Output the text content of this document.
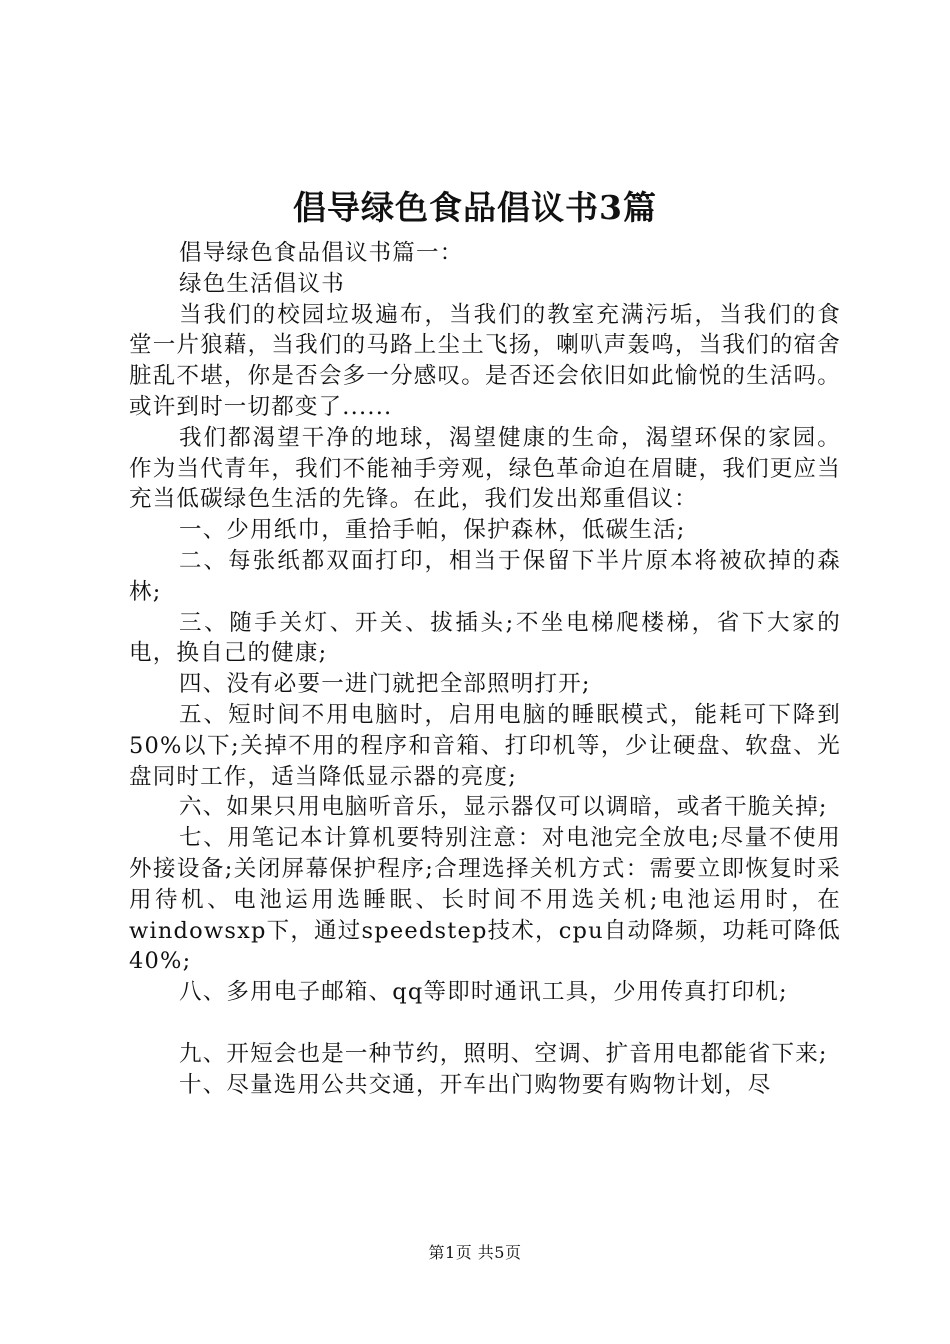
倡导绿色食品倡议书3篇

倡导绿色食品倡议书篇一：

绿色生活倡议书

当我们的校园垃圾遍布，当我们的教室充满污垢，当我们的食堂一片狼藉，当我们的马路上尘土飞扬，喇叭声轰鸣，当我们的宿舍脏乱不堪，你是否会多一分感叹。是否还会依旧如此愉悦的生活吗。或许到时一切都变了......

我们都渴望干净的地球，渴望健康的生命，渴望环保的家园。作为当代青年，我们不能袖手旁观，绿色革命迫在眉睫，我们更应当充当低碳绿色生活的先锋。在此，我们发出郑重倡议：

一、少用纸巾，重拾手帕，保护森林，低碳生活;

二、每张纸都双面打印，相当于保留下半片原本将被砍掉的森林;

三、随手关灯、开关、拔插头;不坐电梯爬楼梯，省下大家的电，换自己的健康;

四、没有必要一进门就把全部照明打开;

五、短时间不用电脑时，启用电脑的睡眠模式，能耗可下降到50%以下;关掉不用的程序和音箱、打印机等，少让硬盘、软盘、光盘同时工作，适当降低显示器的亮度;

六、如果只用电脑听音乐，显示器仅可以调暗，或者干脆关掉;

七、用笔记本计算机要特别注意：对电池完全放电;尽量不使用外接设备;关闭屏幕保护程序;合理选择关机方式：需要立即恢复时采用待机、电池运用选睡眠、长时间不用选关机;电池运用时，在windowsxp下，通过speedstep技术，cpu自动降频，功耗可降低40%;

八、多用电子邮箱、qq等即时通讯工具，少用传真打印机;

九、开短会也是一种节约，照明、空调、扩音用电都能省下来;

十、尽量选用公共交通，开车出门购物要有购物计划，尽

第1页 共5页
